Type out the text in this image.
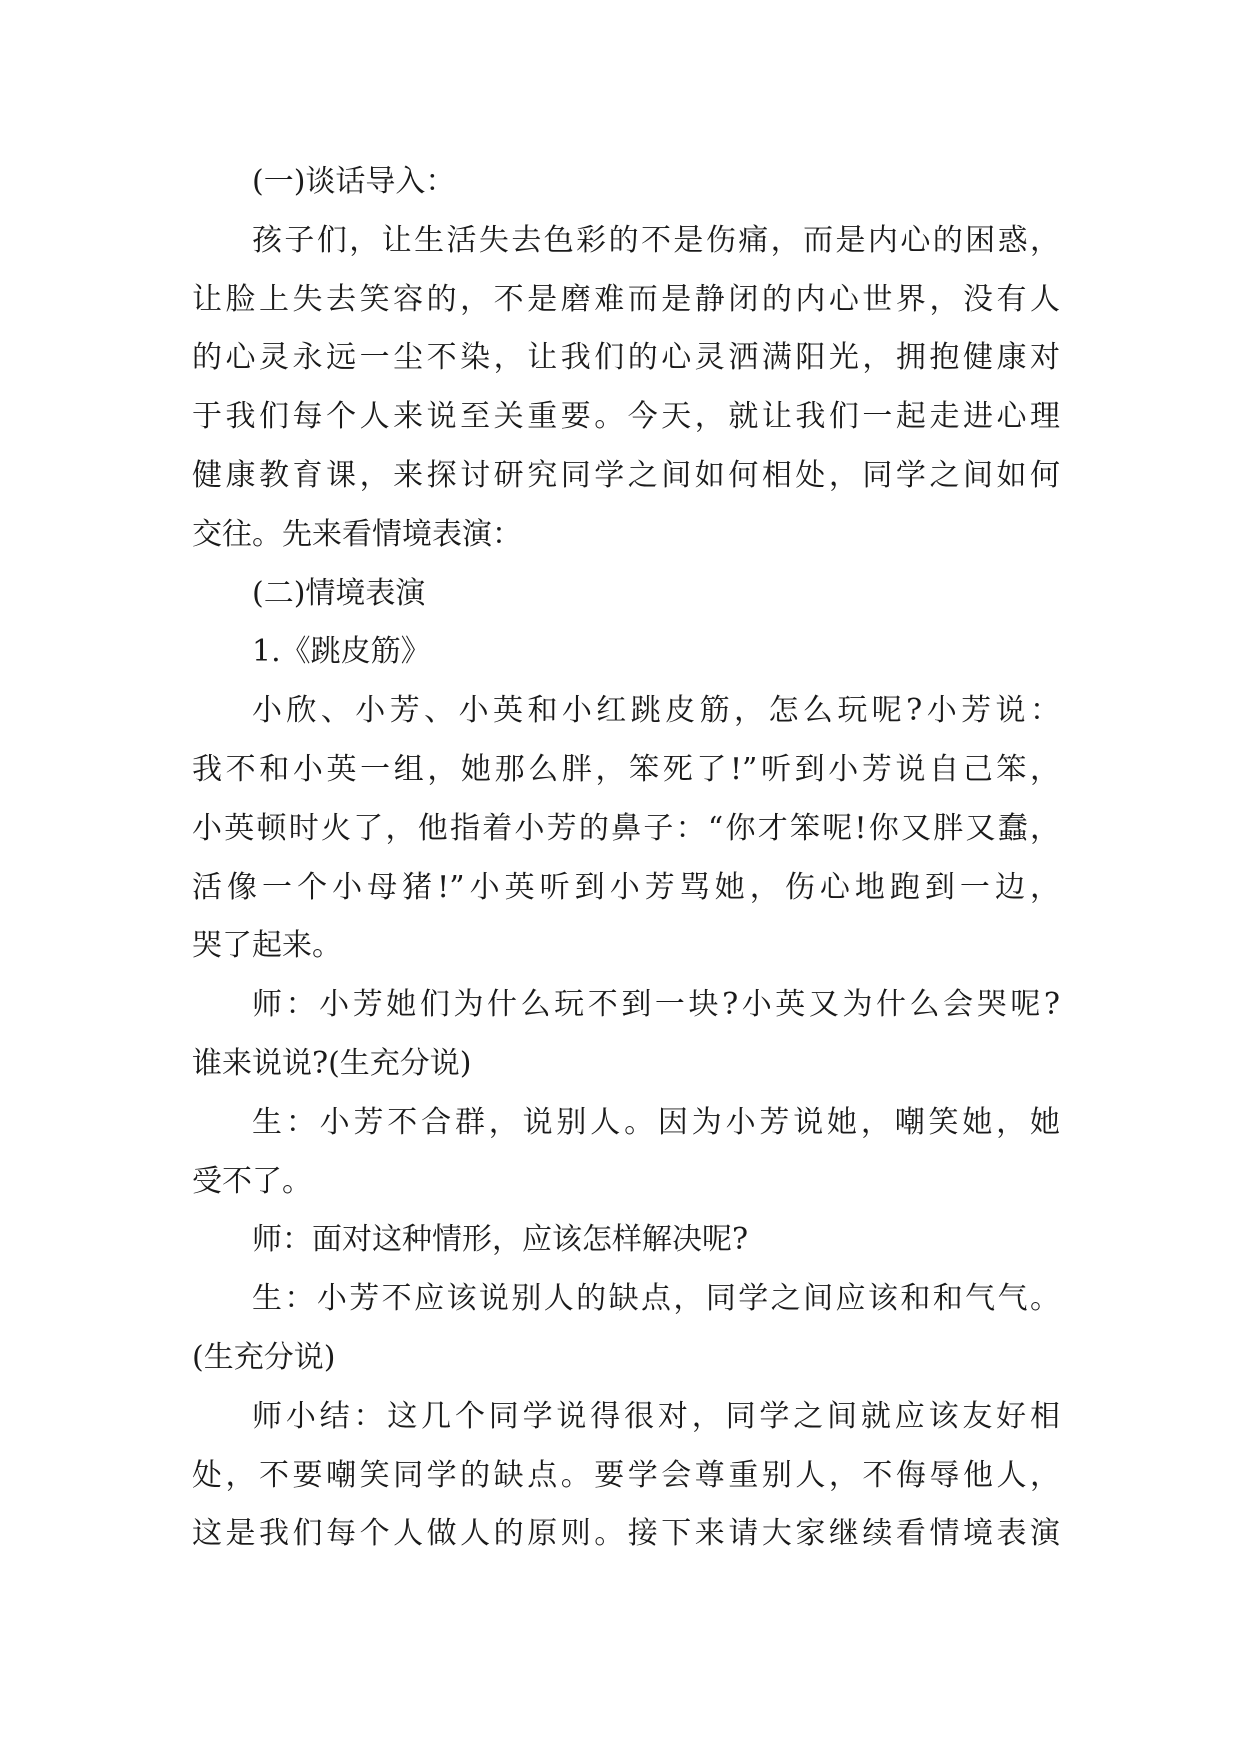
(一)谈话导入：
孩子们，让生活失去色彩的不是伤痛，而是内心的困惑，
让脸上失去笑容的，不是磨难而是静闭的内心世界，没有人
的心灵永远一尘不染，让我们的心灵洒满阳光，拥抱健康对
于我们每个人来说至关重要。今天，就让我们一起走进心理
健康教育课，来探讨研究同学之间如何相处，同学之间如何
交往。先来看情境表演：
(二)情境表演
1.《跳皮筋》
小欣、小芳、小英和小红跳皮筋，怎么玩呢?小芳说：
我不和小英一组，她那么胖，笨死了!”听到小芳说自己笨，
小英顿时火了，他指着小芳的鼻子：“你才笨呢!你又胖又蠢，
活像一个小母猪!”小英听到小芳骂她，伤心地跑到一边，
哭了起来。
师：小芳她们为什么玩不到一块?小英又为什么会哭呢?
谁来说说?(生充分说)
生：小芳不合群，说别人。因为小芳说她，嘲笑她，她
受不了。
师：面对这种情形，应该怎样解决呢?
生：小芳不应该说别人的缺点，同学之间应该和和气气。
(生充分说)
师小结：这几个同学说得很对，同学之间就应该友好相
处，不要嘲笑同学的缺点。要学会尊重别人，不侮辱他人，
这是我们每个人做人的原则。接下来请大家继续看情境表演
